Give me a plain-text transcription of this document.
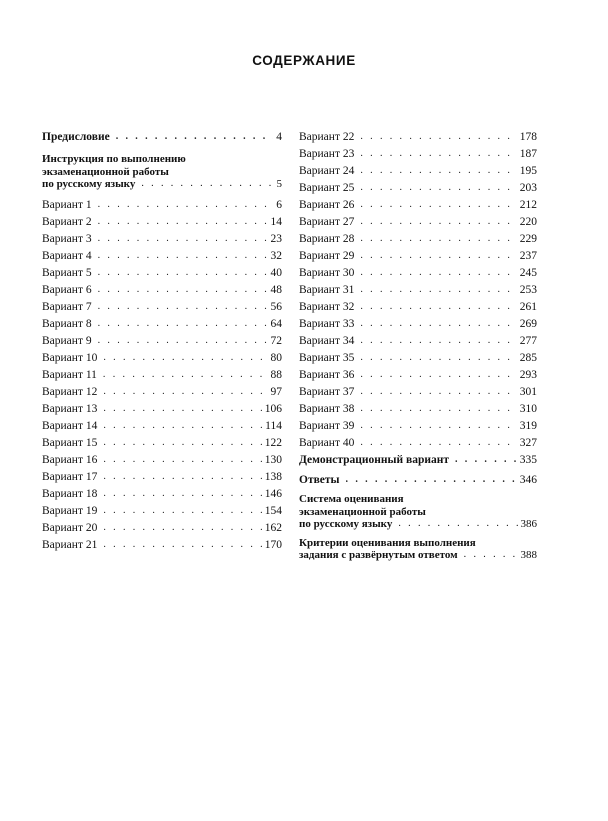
СОДЕРЖАНИЕ
Предисловие . . .	4
Инструкция по выполнению
экзаменационной работы
по русскому языку . . .	5
Вариант 1 . . .	6
Вариант 2 . . .	14
Вариант 3 . . .	23
Вариант 4 . . .	32
Вариант 5 . . .	40
Вариант 6 . . .	48
Вариант 7 . . .	56
Вариант 8 . . .	64
Вариант 9 . . .	72
Вариант 10 . . .	80
Вариант 11 . . .	88
Вариант 12 . . .	97
Вариант 13 . . .	106
Вариант 14 . . .	114
Вариант 15 . . .	122
Вариант 16 . . .	130
Вариант 17 . . .	138
Вариант 18 . . .	146
Вариант 19 . . .	154
Вариант 20 . . .	162
Вариант 21 . . .	170
Вариант 22 . . .	178
Вариант 23 . . .	187
Вариант 24 . . .	195
Вариант 25 . . .	203
Вариант 26 . . .	212
Вариант 27 . . .	220
Вариант 28 . . .	229
Вариант 29 . . .	237
Вариант 30 . . .	245
Вариант 31 . . .	253
Вариант 32 . . .	261
Вариант 33 . . .	269
Вариант 34 . . .	277
Вариант 35 . . .	285
Вариант 36 . . .	293
Вариант 37 . . .	301
Вариант 38 . . .	310
Вариант 39 . . .	319
Вариант 40 . . .	327
Демонстрационный вариант . . .	335
Ответы . . .	346
Система оценивания
экзаменационной работы
по русскому языку . . .	386
Критерии оценивания выполнения
задания с развёрнутым ответом . . .	388
